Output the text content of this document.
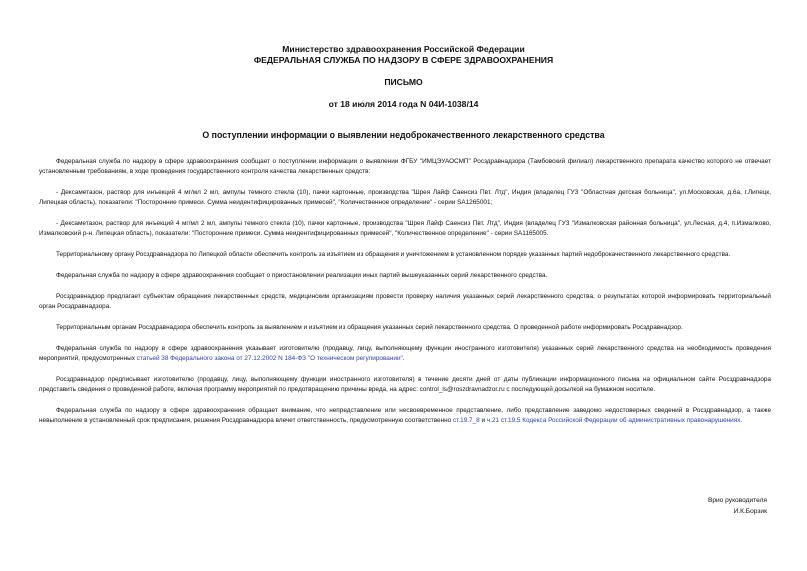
Министерство здравоохранения Российской Федерации
ФЕДЕРАЛЬНАЯ СЛУЖБА ПО НАДЗОРУ В СФЕРЕ ЗДРАВООХРАНЕНИЯ
ПИСЬМО
от 18 июля 2014 года N 04И-1038/14
О поступлении информации о выявлении недоброкачественного лекарственного средства

Федеральная служба по надзору в сфере здравоохранения сообщает о поступлении информации о выявлении ФГБУ "ИМЦЭУАОСМП" Росздравнадзора (Тамбовский филиал) лекарственного препарата качество которого не отвечает установленным требованиям, в ходе проведения государственного контроля качества лекарственных средств:

- Дексаметазон, раствор для инъекций 4 мг/мл 2 мл, ампулы темного стекла (10), пачки картонные, производства "Шрея Лайф Саенсиз Пвт. Лтд", Индия (владелец ГУЗ "Областная детская больница", ул.Московская, д.6а, г.Липецк, Липецкая область), показатели: "Посторонние примеси. Сумма неидентифицированных примесей", "Количественное определение" - серии SA1265001;

- Дексаметазон, раствор для инъекций 4 мг/мл 2 мл, ампулы темного стекла (10), пачки картонные, производства "Шрея Лайф Саенсиз Пвт. Лтд", Индия (владелец ГУЗ "Измалковская районная больница", ул.Лесная, д.4, п.Измалково, Измалковский р-н. Липецкая область), показатели: "Посторонние примеси. Сумма неидентифицированных примесей", "Количественное определение" - серии SA1165005.

Территориальному органу Росздравнадзора по Липецкой области обеспечить контроль за изъятием из обращения и уничтожением в установленном порядке указанных партий недоброкачественного лекарственного средства.

Федеральная служба по надзору в сфере здравоохранения сообщает о приостановлении реализации иных партий вышеуказанных серий лекарственного средства.

Росздравнадзор предлагает субъектам обращения лекарственных средств, медицинским организациям провести проверку наличия указанных серий лекарственного средства, о результатах которой информировать территориальный орган Росздравнадзора.

Территориальным органам Росздравнадзора обеспечить контроль за выявлением и изъятием из обращения указанных серий лекарственного средства. О проведенной работе информировать Росздравнадзор.

Федеральная служба по надзору в сфере здравоохранения указывает изготовителю (продавцу, лицу, выполняющему функции иностранного изготовителя) указанных серий лекарственного средства на необходимость проведения мероприятий, предусмотренных статьей 38 Федерального закона от 27.12.2002 N 184-ФЗ "О техническом регулировании".

Росздравнадзор предписывает изготовителю (продавцу, лицу, выполняющему функции иностранного изготовителя) в течение десяти дней от даты публикации информационного письма на официальном сайте Росздравнадзора представить сведения о проведенной работе, включая программу мероприятий по предотвращению причины вреда, на адрес: control_ls@roszdravnadzor.ru с последующей досылкой на бумажном носителе.

Федеральная служба по надзору в сфере здравоохранения обращает внимание, что непредставление или несвоевременное представление, либо представление заведомо недостоверных сведений в Росздравнадзор, а также невыполнение в установленный срок предписания, решения Росздравнадзора влечет ответственность, предусмотренную соответственно ст.19.7_8 и ч.21 ст.19.5 Кодекса Российской Федерации об административных правонарушениях.

Врио руководителя
И.К.Борзик
